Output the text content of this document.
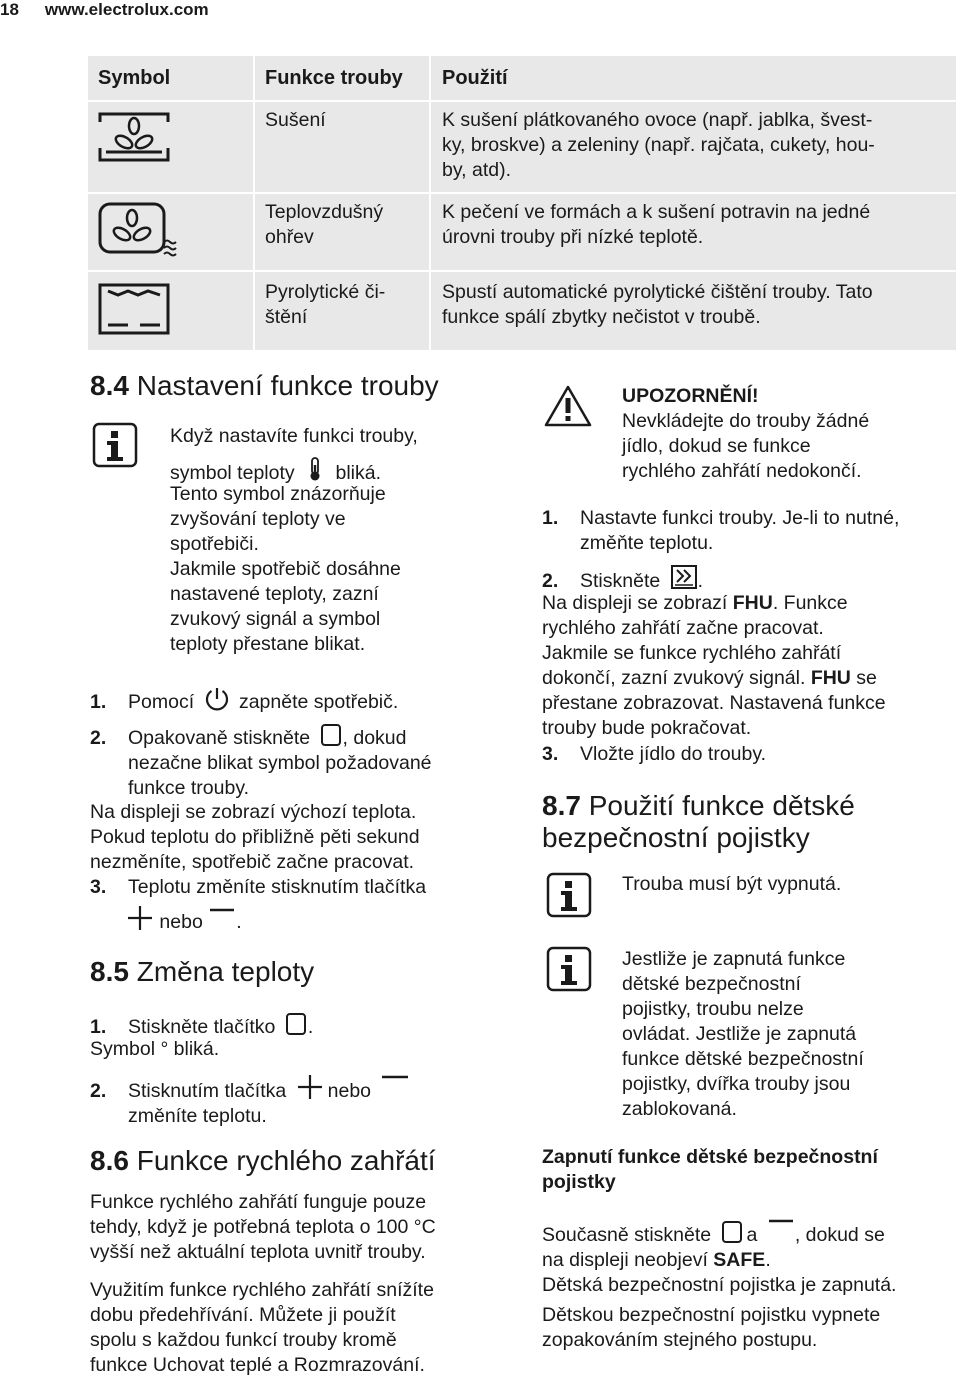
18 www.electrolux.com
Symbol	Funkce trouby Použití
Sušení	K sušení plátkovaného ovoce (např. jablka, švest-
ky, broskve) a zeleniny (např. rajčata, cukety, hou-
by, atd).
Teplovzdušný
ohřev
K pečení ve formách a k sušení potravin na jedné
úrovni trouby při nízké teplotě.
Pyrolytické či-
štění
Spustí automatické pyrolytické čištění trouby. Tato
funkce spálí zbytky nečistot v troubě.
8.4 Nastavení funkce trouby
Když nastavíte funkci trouby,
symbol teploty bliká.
Tento symbol znázorňuje
zvyšování teploty ve
spotřebiči.
Jakmile spotřebič dosáhne
nastavené teploty, zazní
zvukový signál a symbol
teploty přestane blikat.
1. Pomocí zapněte spotřebič.
2. Opakovaně stiskněte , dokud
nezačne blikat symbol požadované
funkce trouby.
Na displeji se zobrazí výchozí teplota.
Pokud teplotu do přibližně pěti sekund
nezměníte, spotřebič začne pracovat.
3. Teplotu změníte stisknutím tlačítka
nebo .
8.5 Změna teploty
1. Stiskněte tlačítko .
Symbol ° bliká.
2. Stisknutím tlačítka nebo
změníte teplotu.
8.6 Funkce rychlého zahřátí
Funkce rychlého zahřátí funguje pouze
tehdy, když je potřebná teplota o 100 °C
vyšší než aktuální teplota uvnitř trouby.
Využitím funkce rychlého zahřátí snížíte
dobu předehřívání. Můžete ji použít
spolu s každou funkcí trouby kromě
funkce Uchovat teplé a Rozmrazování.
UPOZORNĚNÍ!
Nevkládejte do trouby žádné
jídlo, dokud se funkce
rychlého zahřátí nedokončí.
1. Nastavte funkci trouby. Je-li to nutné,
změňte teplotu.
2. Stiskněte .
Na displeji se zobrazí FHU. Funkce
rychlého zahřátí začne pracovat.
Jakmile se funkce rychlého zahřátí
dokončí, zazní zvukový signál. FHU se
přestane zobrazovat. Nastavená funkce
trouby bude pokračovat.
3. Vložte jídlo do trouby.
8.7 Použití funkce dětské
bezpečnostní pojistky
Trouba musí být vypnutá.
Jestliže je zapnutá funkce
dětské bezpečnostní
pojistky, troubu nelze
ovládat. Jestliže je zapnutá
funkce dětské bezpečnostní
pojistky, dvířka trouby jsou
zablokovaná.
Zapnutí funkce dětské bezpečnostní
pojistky
Současně stiskněte a , dokud se
na displeji neobjeví SAFE.
Dětská bezpečnostní pojistka je zapnutá.
Dětskou bezpečnostní pojistku vypnete
zopakováním stejného postupu.
